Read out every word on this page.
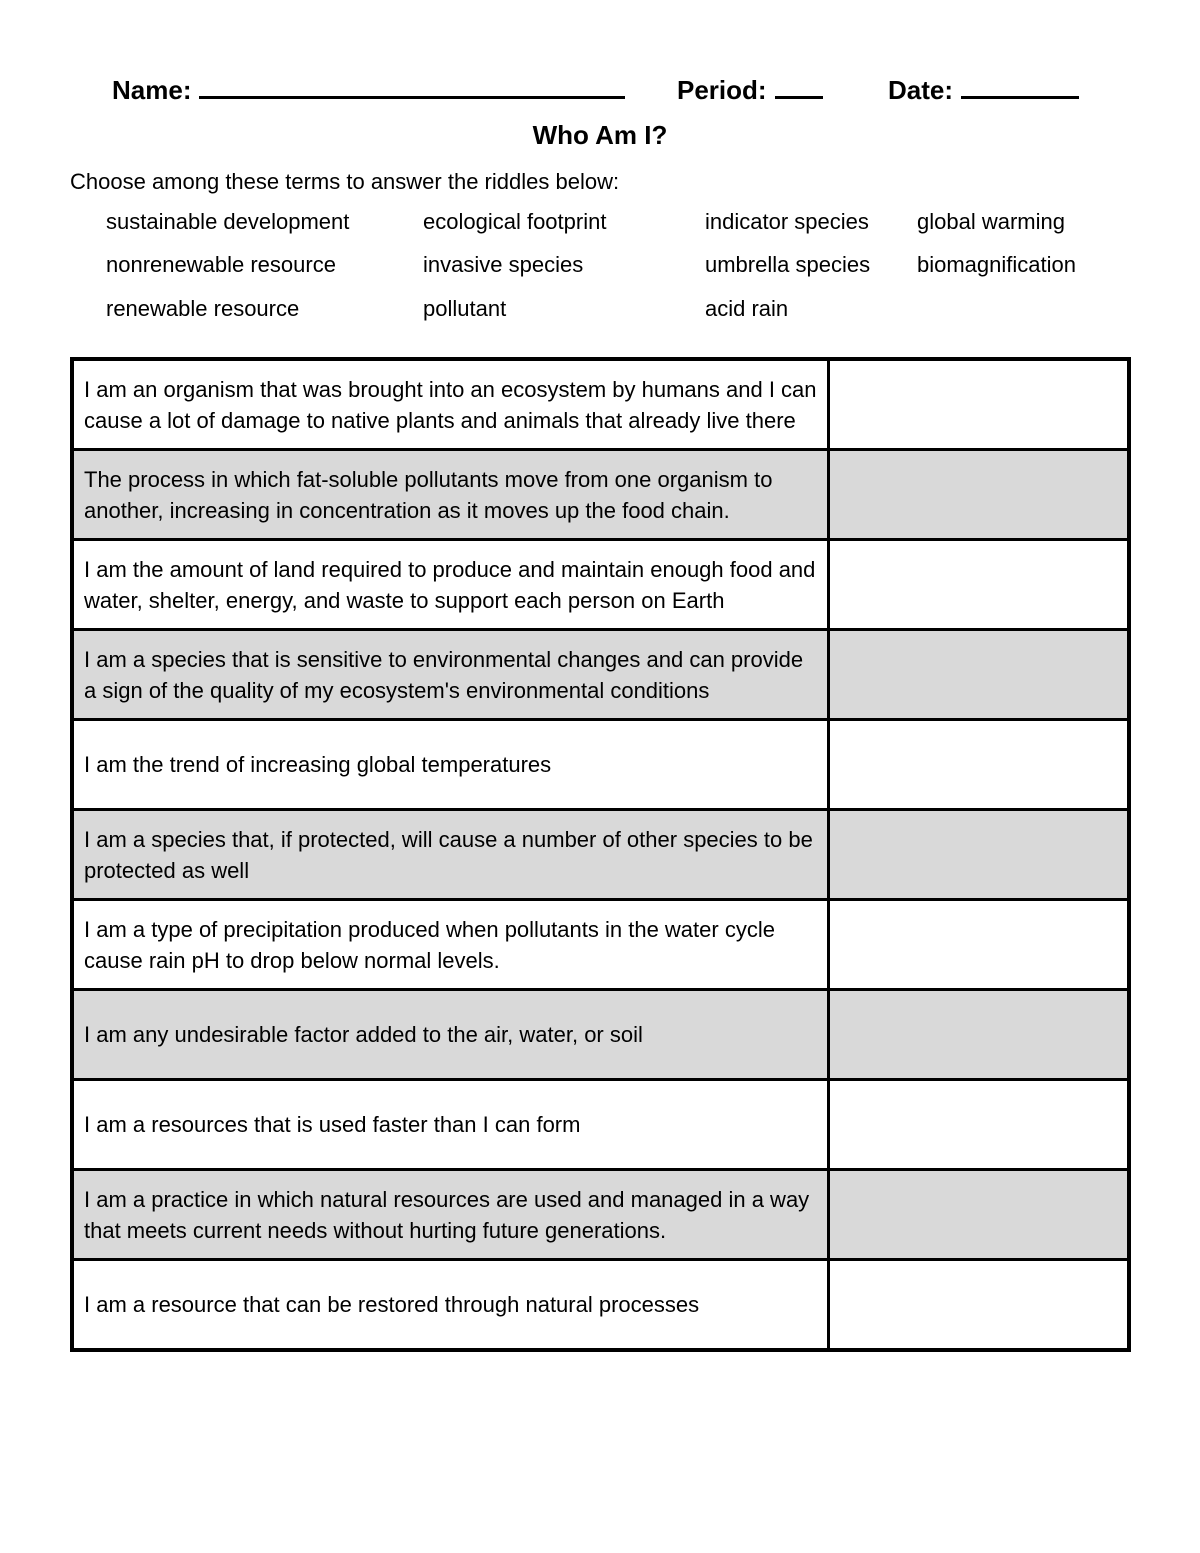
Name:	Period:	Date:
Who Am I?
Choose among these terms to answer the riddles below:
sustainable development	ecological footprint	indicator species global warming
nonrenewable resource	invasive species	umbrella species biomagnification
renewable resource	pollutant	acid rain
I am an organism that was brought into an ecosystem by humans and I can cause a lot of damage to native plants and animals that already live there	
The process in which fat-soluble pollutants move from one organism to another, increasing in concentration as it moves up the food chain.	
I am the amount of land required to produce and maintain enough food and water, shelter, energy, and waste to support each person on Earth	
I am a species that is sensitive to environmental changes and can provide a sign of the quality of my ecosystem's environmental conditions	
I am the trend of increasing global temperatures	
I am a species that, if protected, will cause a number of other species to be protected as well	
I am a type of precipitation produced when pollutants in the water cycle cause rain pH to drop below normal levels.	
I am any undesirable factor added to the air, water, or soil	
I am a resources that is used faster than I can form	
I am a practice in which natural resources are used and managed in a way that meets current needs without hurting future generations.	
I am a resource that can be restored through natural processes	
